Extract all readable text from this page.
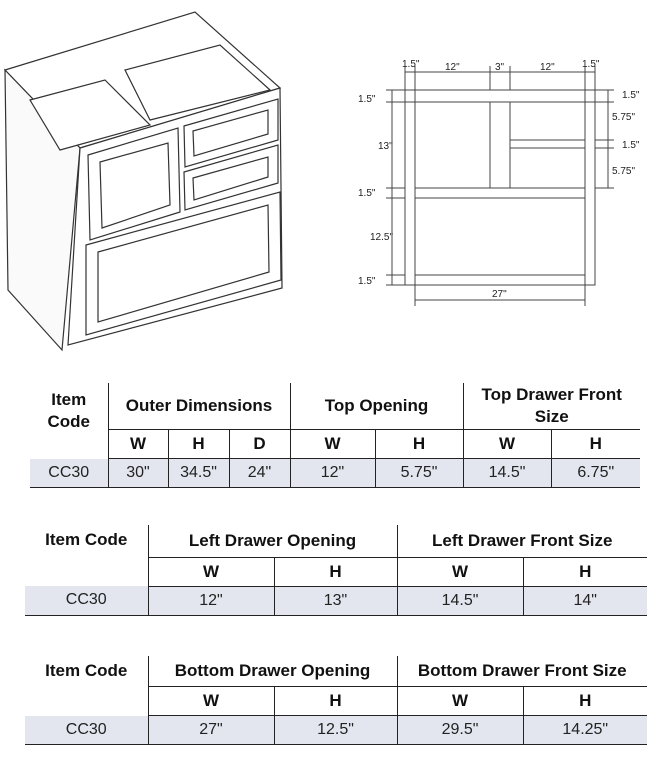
1.5"	12"	3"	12"	1.5"
1.5"
13"
1.5"
12.5"
1.5"
1.5"
5.75"
1.5"
5.75"
27"
Item Code	Outer Dimensions			Top Opening		Top Drawer Front Size	
	W	H	D	W	H	W	H
CC30	30"	34.5"	24"	12"	5.75"	14.5"	6.75"
Item Code	Left Drawer Opening		Left Drawer Front Size	
	W	H	W	H
CC30	12"	13"	14.5"	14"
Item Code	Bottom Drawer Opening		Bottom Drawer Front Size	
	W	H	W	H
CC30	27"	12.5"	29.5"	14.25"
